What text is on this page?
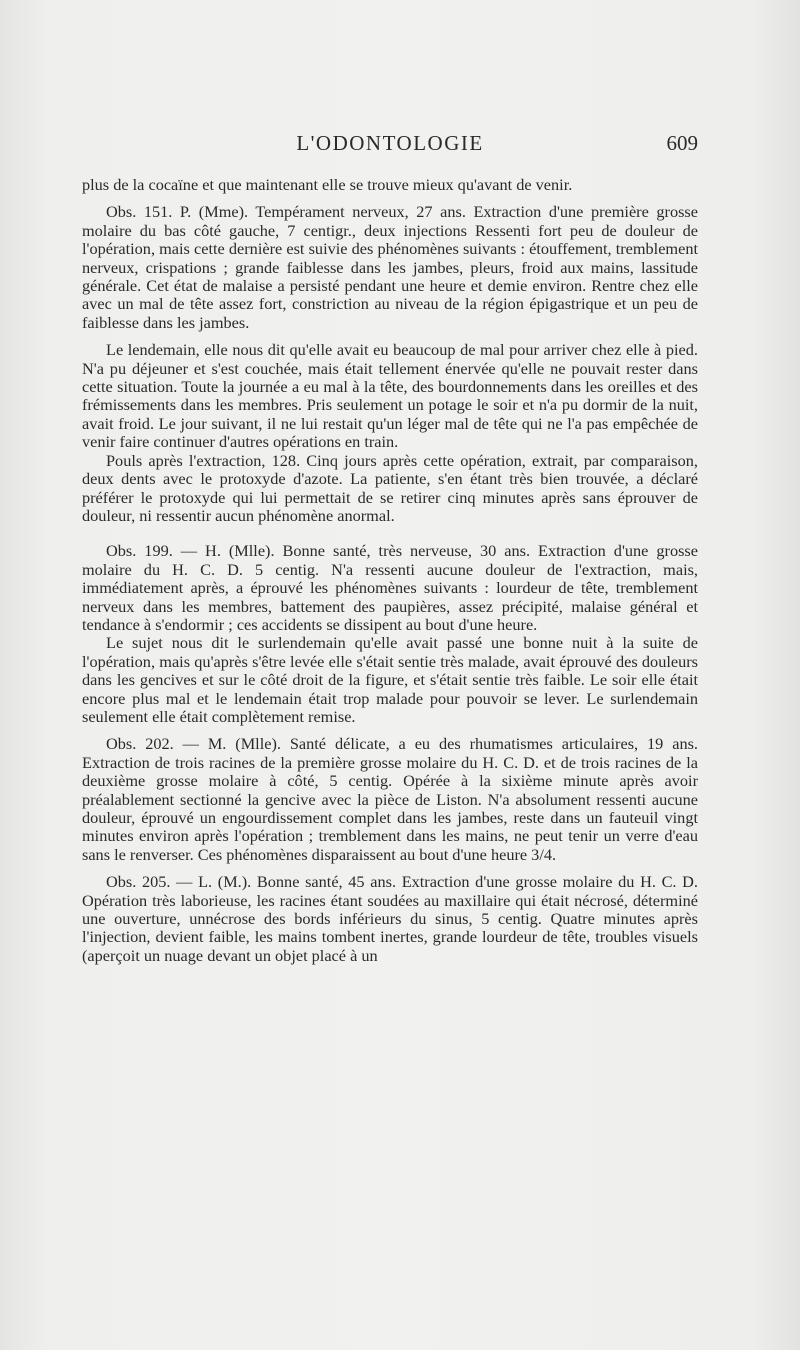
L'ODONTOLOGIE	609

plus de la cocaïne et que maintenant elle se trouve mieux qu'avant de venir.

Obs. 151. P. (Mme). Tempérament nerveux, 27 ans. Extraction d'une première grosse molaire du bas côté gauche, 7 centigr., deux injections Ressenti fort peu de douleur de l'opération, mais cette dernière est suivie des phénomènes suivants : étouffement, tremblement nerveux, crispations ; grande faiblesse dans les jambes, pleurs, froid aux mains, lassitude générale. Cet état de malaise a persisté pendant une heure et demie environ. Rentre chez elle avec un mal de tête assez fort, constriction au niveau de la région épigastrique et un peu de faiblesse dans les jambes.

Le lendemain, elle nous dit qu'elle avait eu beaucoup de mal pour arriver chez elle à pied. N'a pu déjeuner et s'est couchée, mais était tellement énervée qu'elle ne pouvait rester dans cette situation. Toute la journée a eu mal à la tête, des bourdonnements dans les oreilles et des frémissements dans les membres. Pris seulement un potage le soir et n'a pu dormir de la nuit, avait froid. Le jour suivant, il ne lui restait qu'un léger mal de tête qui ne l'a pas empêchée de venir faire continuer d'autres opérations en train.

Pouls après l'extraction, 128. Cinq jours après cette opération, extrait, par comparaison, deux dents avec le protoxyde d'azote. La patiente, s'en étant très bien trouvée, a déclaré préférer le protoxyde qui lui permettait de se retirer cinq minutes après sans éprouver de douleur, ni ressentir aucun phénomène anormal.

Obs. 199. — H. (Mlle). Bonne santé, très nerveuse, 30 ans. Extraction d'une grosse molaire du H. C. D. 5 centig. N'a ressenti aucune douleur de l'extraction, mais, immédiatement après, a éprouvé les phénomènes suivants : lourdeur de tête, tremblement nerveux dans les membres, battement des paupières, assez précipité, malaise général et tendance à s'endormir ; ces accidents se dissipent au bout d'une heure.

Le sujet nous dit le surlendemain qu'elle avait passé une bonne nuit à la suite de l'opération, mais qu'après s'être levée elle s'était sentie très malade, avait éprouvé des douleurs dans les gencives et sur le côté droit de la figure, et s'était sentie très faible. Le soir elle était encore plus mal et le lendemain était trop malade pour pouvoir se lever. Le surlendemain seulement elle était complètement remise.

Obs. 202. — M. (Mlle). Santé délicate, a eu des rhumatismes articulaires, 19 ans. Extraction de trois racines de la première grosse molaire du H. C. D. et de trois racines de la deuxième grosse molaire à côté, 5 centig. Opérée à la sixième minute après avoir préalablement sectionné la gencive avec la pièce de Liston. N'a absolument ressenti aucune douleur, éprouvé un engourdissement complet dans les jambes, reste dans un fauteuil vingt minutes environ après l'opération ; tremblement dans les mains, ne peut tenir un verre d'eau sans le renverser. Ces phénomènes disparaissent au bout d'une heure 3/4.

Obs. 205. — L. (M.). Bonne santé, 45 ans. Extraction d'une grosse molaire du H. C. D. Opération très laborieuse, les racines étant soudées au maxillaire qui était nécrosé, déterminé une ouverture, unnécrose des bords inférieurs du sinus, 5 centig. Quatre minutes après l'injection, devient faible, les mains tombent inertes, grande lourdeur de tête, troubles visuels (aperçoit un nuage devant un objet placé à un
